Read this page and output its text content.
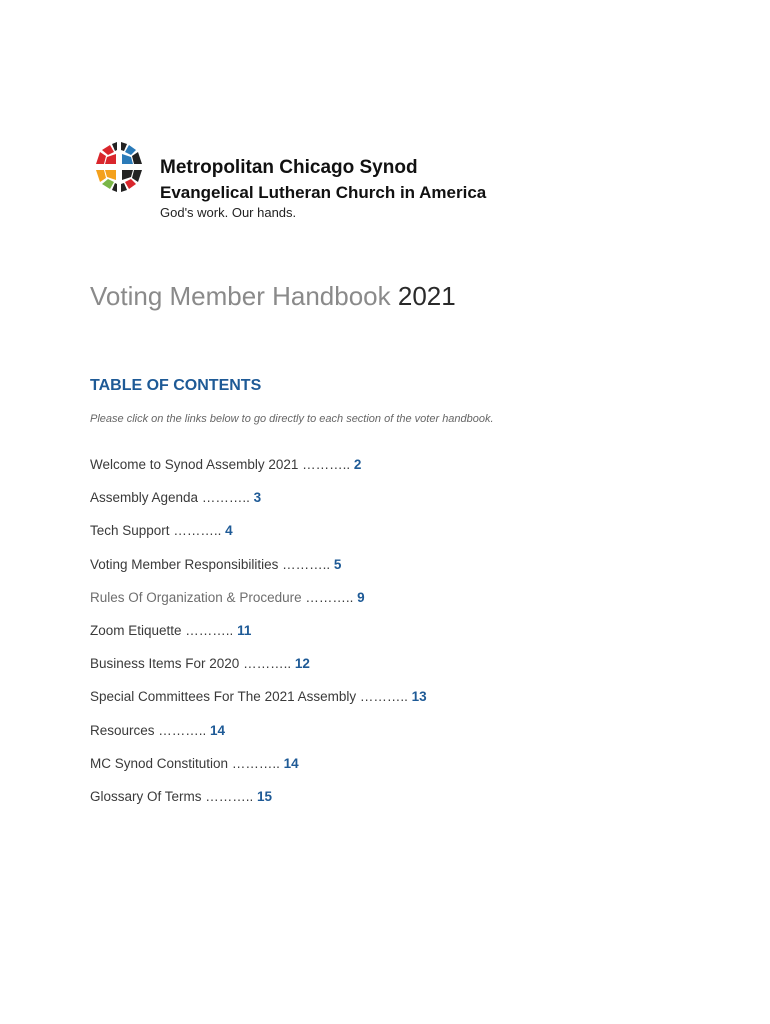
Metropolitan Chicago Synod
Evangelical Lutheran Church in America
God's work. Our hands.
Voting Member Handbook 2021
TABLE OF CONTENTS

Please click on the links below to go directly to each section of the voter handbook.

Welcome to Synod Assembly 2021 ……….. 2
Assembly Agenda ……….. 3
Tech Support ……….. 4
Voting Member Responsibilities ……….. 5
Rules Of Organization & Procedure ……….. 9
Zoom Etiquette ……….. 11
Business Items For 2020 ……….. 12
Special Committees For The 2021 Assembly ……….. 13
Resources ……….. 14
MC Synod Constitution ……….. 14
Glossary Of Terms ……….. 15
